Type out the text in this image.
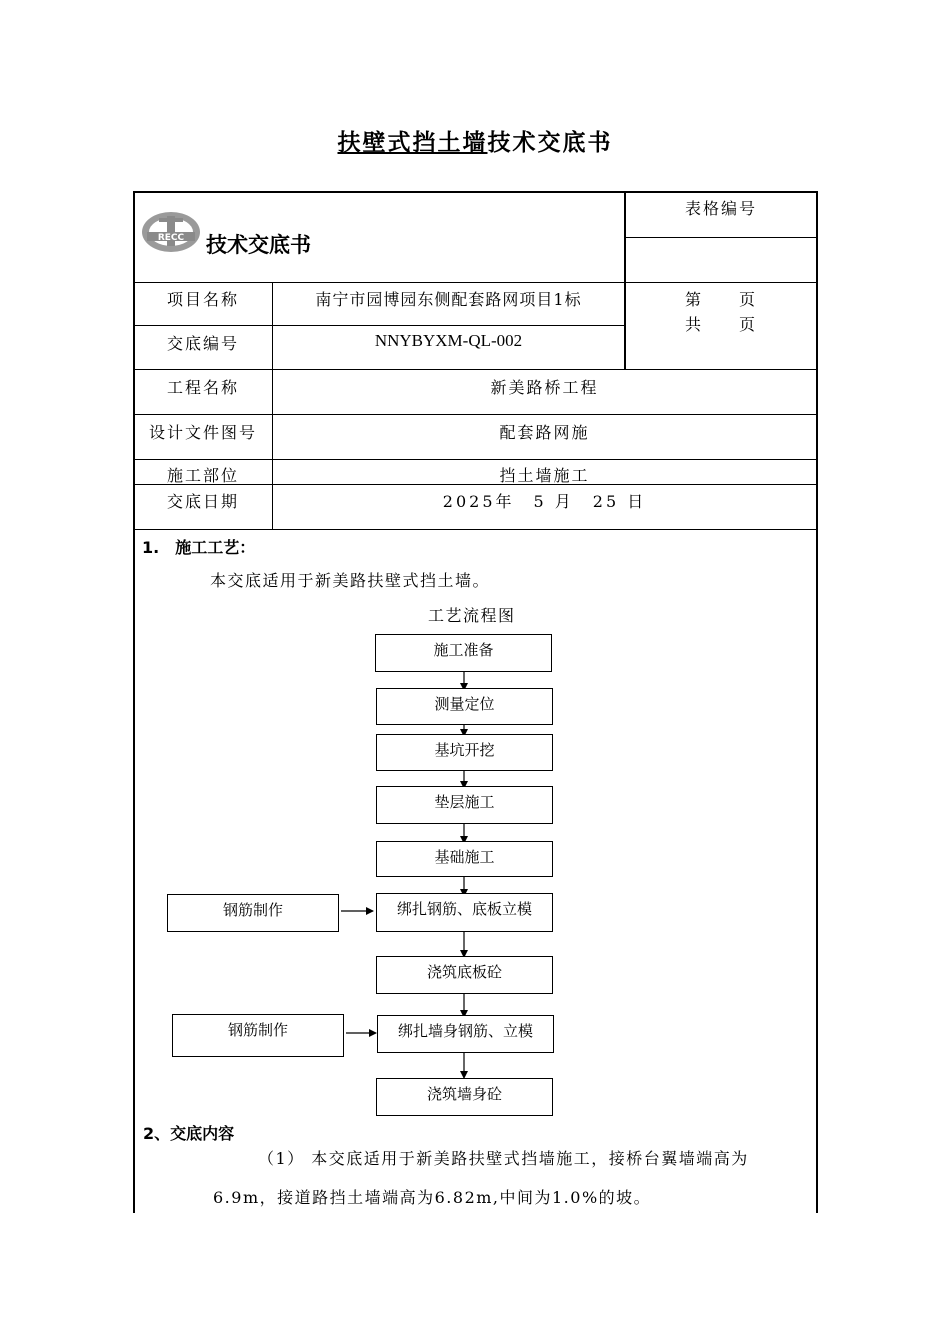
扶壁式挡土墙技术交底书
RECC 技术交底书
表格编号
第　　页
共　　页
项目名称	南宁市园博园东侧配套路网项目1标
交底编号	NNYBYXM-QL-002
工程名称	新美路桥工程
设计文件图号	配套路网施
施工部位	挡土墙施工
交底日期	2025年　5 月　25 日
1.　施工工艺：
本交底适用于新美路扶壁式挡土墙。
工艺流程图
施工准备
测量定位
基坑开挖
垫层施工
基础施工
绑扎钢筋、底板立模
浇筑底板砼
绑扎墙身钢筋、立模
浇筑墙身砼
钢筋制作
钢筋制作
2、交底内容
（1） 本交底适用于新美路扶壁式挡墙施工，接桥台翼墙端高为
6.9m，接道路挡土墙端高为6.82m,中间为1.0%的坡。
